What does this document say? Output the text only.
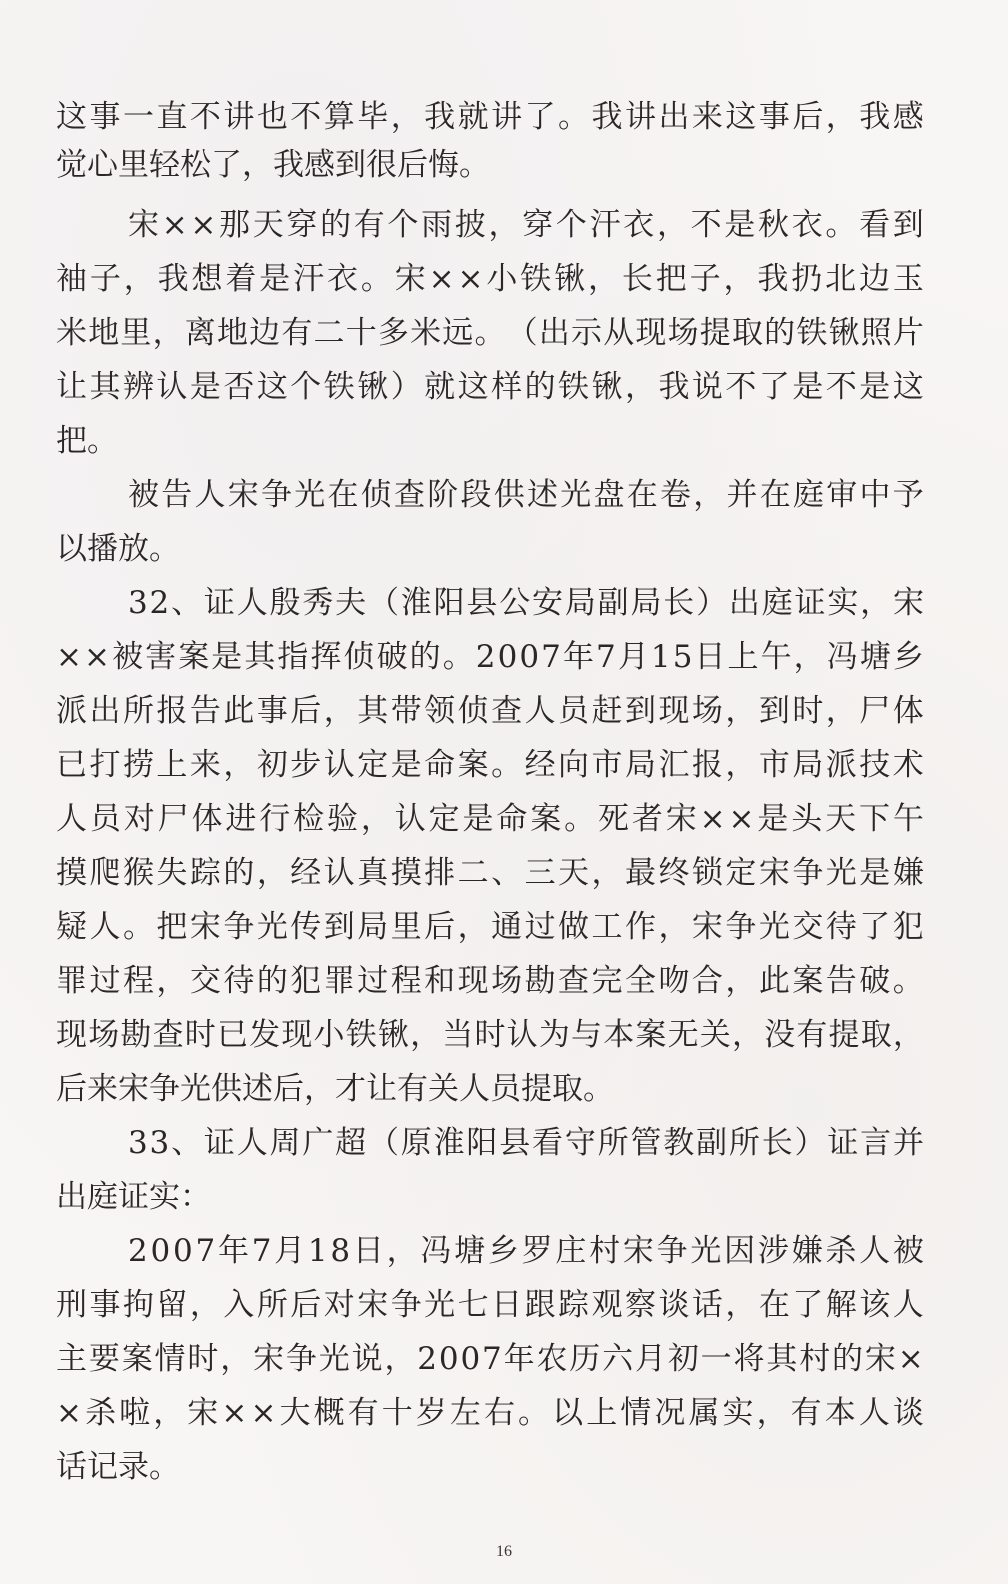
这 事 一 直 不 讲 也 不 算 毕 ， 我 就 讲 了 。 我 讲 出 来 这 事 后 ， 我 感
觉心里轻松了，我感到很后悔。
宋 × × 那 天 穿 的 有 个 雨 披 ， 穿 个 汗 衣 ， 不 是 秋 衣 。 看 到
袖 子 ， 我 想 着 是 汗 衣 。 宋 × × 小 铁 锹 ， 长 把 子 ， 我 扔 北 边 玉
米 地 里 ， 离 地 边 有 二 十 多 米 远 。 （ 出 示 从 现 场 提 取 的 铁 锹 照 片
让 其 辨 认 是 否 这 个 铁 锹 ） 就 这 样 的 铁 锹 ， 我 说 不 了 是 不 是 这
把。
被 告 人 宋 争 光 在 侦 查 阶 段 供 述 光 盘 在 卷 ， 并 在 庭 审 中 予
以播放。
3 2 、 证 人 殷 秀 夫 （ 淮 阳 县 公 安 局 副 局 长 ） 出 庭 证 实 ， 宋
× × 被 害 案 是 其 指 挥 侦 破 的 。 2 0 0 7 年 7 月 1 5 日 上 午 ， 冯 塘 乡
派 出 所 报 告 此 事 后 ， 其 带 领 侦 查 人 员 赶 到 现 场 ， 到 时 ， 尸 体
已 打 捞 上 来 ， 初 步 认 定 是 命 案 。 经 向 市 局 汇 报 ， 市 局 派 技 术
人 员 对 尸 体 进 行 检 验 ， 认 定 是 命 案 。 死 者 宋 × × 是 头 天 下 午
摸 爬 猴 失 踪 的 ， 经 认 真 摸 排 二 、 三 天 ， 最 终 锁 定 宋 争 光 是 嫌
疑 人 。 把 宋 争 光 传 到 局 里 后 ， 通 过 做 工 作 ， 宋 争 光 交 待 了 犯
罪 过 程 ， 交 待 的 犯 罪 过 程 和 现 场 勘 查 完 全 吻 合 ， 此 案 告 破 。
现 场 勘 查 时 已 发 现 小 铁 锹 ， 当 时 认 为 与 本 案 无 关 ， 没 有 提 取 ，
后来宋争光供述后，才让有关人员提取。
3 3 、 证 人 周 广 超 （ 原 淮 阳 县 看 守 所 管 教 副 所 长 ） 证 言 并
出庭证实：
2 0 0 7 年 7 月 1 8 日 ， 冯 塘 乡 罗 庄 村 宋 争 光 因 涉 嫌 杀 人 被
刑 事 拘 留 ， 入 所 后 对 宋 争 光 七 日 跟 踪 观 察 谈 话 ， 在 了 解 该 人
主 要 案 情 时 ， 宋 争 光 说 ， 2 0 0 7 年 农 历 六 月 初 一 将 其 村 的 宋 ×
× 杀 啦 ， 宋 × × 大 概 有 十 岁 左 右 。 以 上 情 况 属 实 ， 有 本 人 谈
话记录。
16
